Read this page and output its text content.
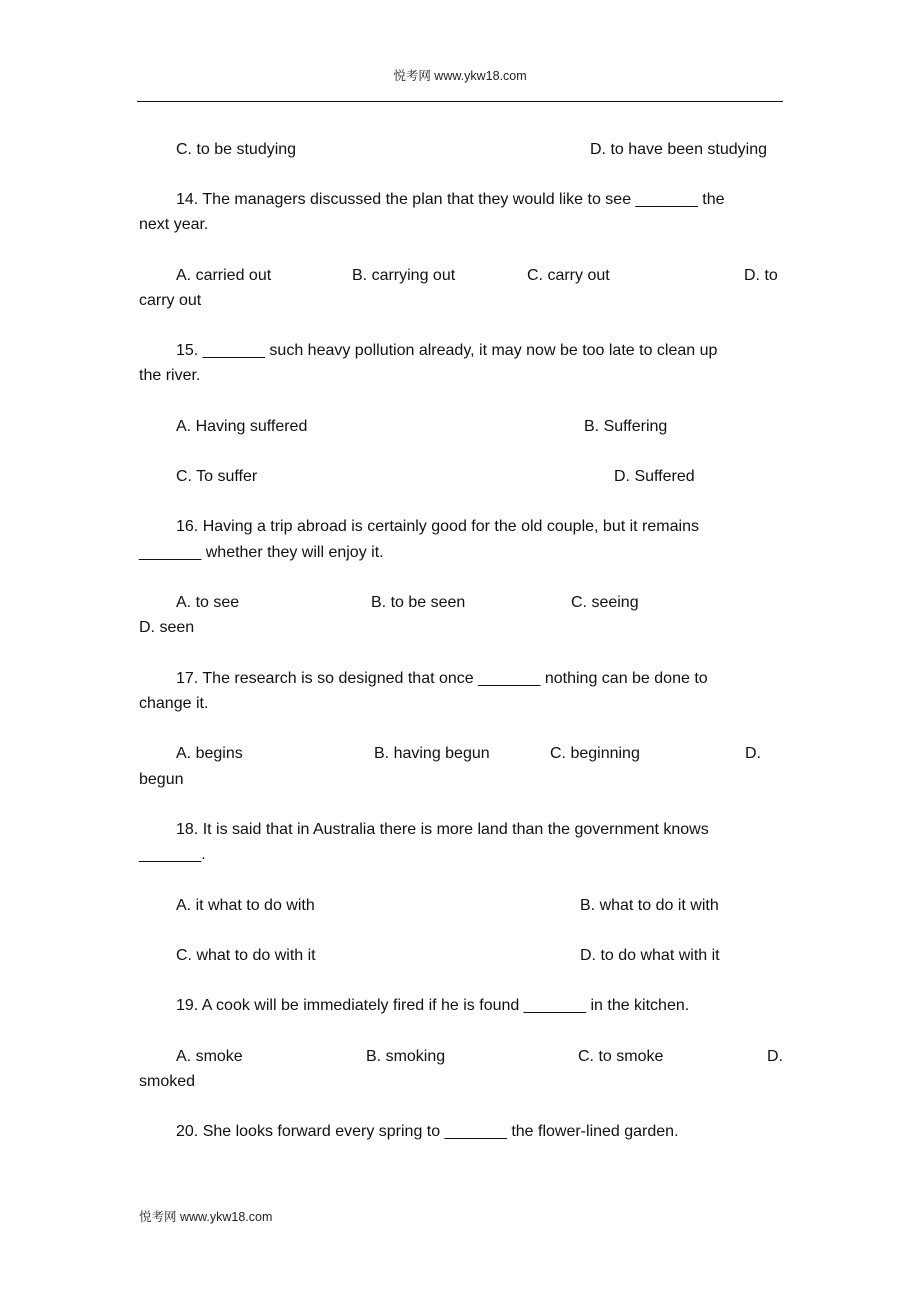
悦考网 www.ykw18.com
C. to be studying	D. to have been studying
14. The managers discussed the plan that they would like to see _______ the
next year.
A. carried out	B. carrying out	C. carry out	D. to
carry out
15. _______ such heavy pollution already, it may now be too late to clean up
the river.
A. Having suffered	B. Suffering
C. To suffer	D. Suffered
16. Having a trip abroad is certainly good for the old couple, but it remains
_______ whether they will enjoy it.
A. to see	B. to be seen	C. seeing
D. seen
17. The research is so designed that once _______ nothing can be done to
change it.
A. begins	B. having begun	C. beginning	D.
begun
18. It is said that in Australia there is more land than the government knows
_______.
A. it what to do with	B. what to do it with
C. what to do with it	D. to do what with it
19. A cook will be immediately fired if he is found _______ in the kitchen.
A. smoke	B. smoking	C. to smoke	D.
smoked
20. She looks forward every spring to _______ the flower-lined garden.
悦考网 www.ykw18.com
